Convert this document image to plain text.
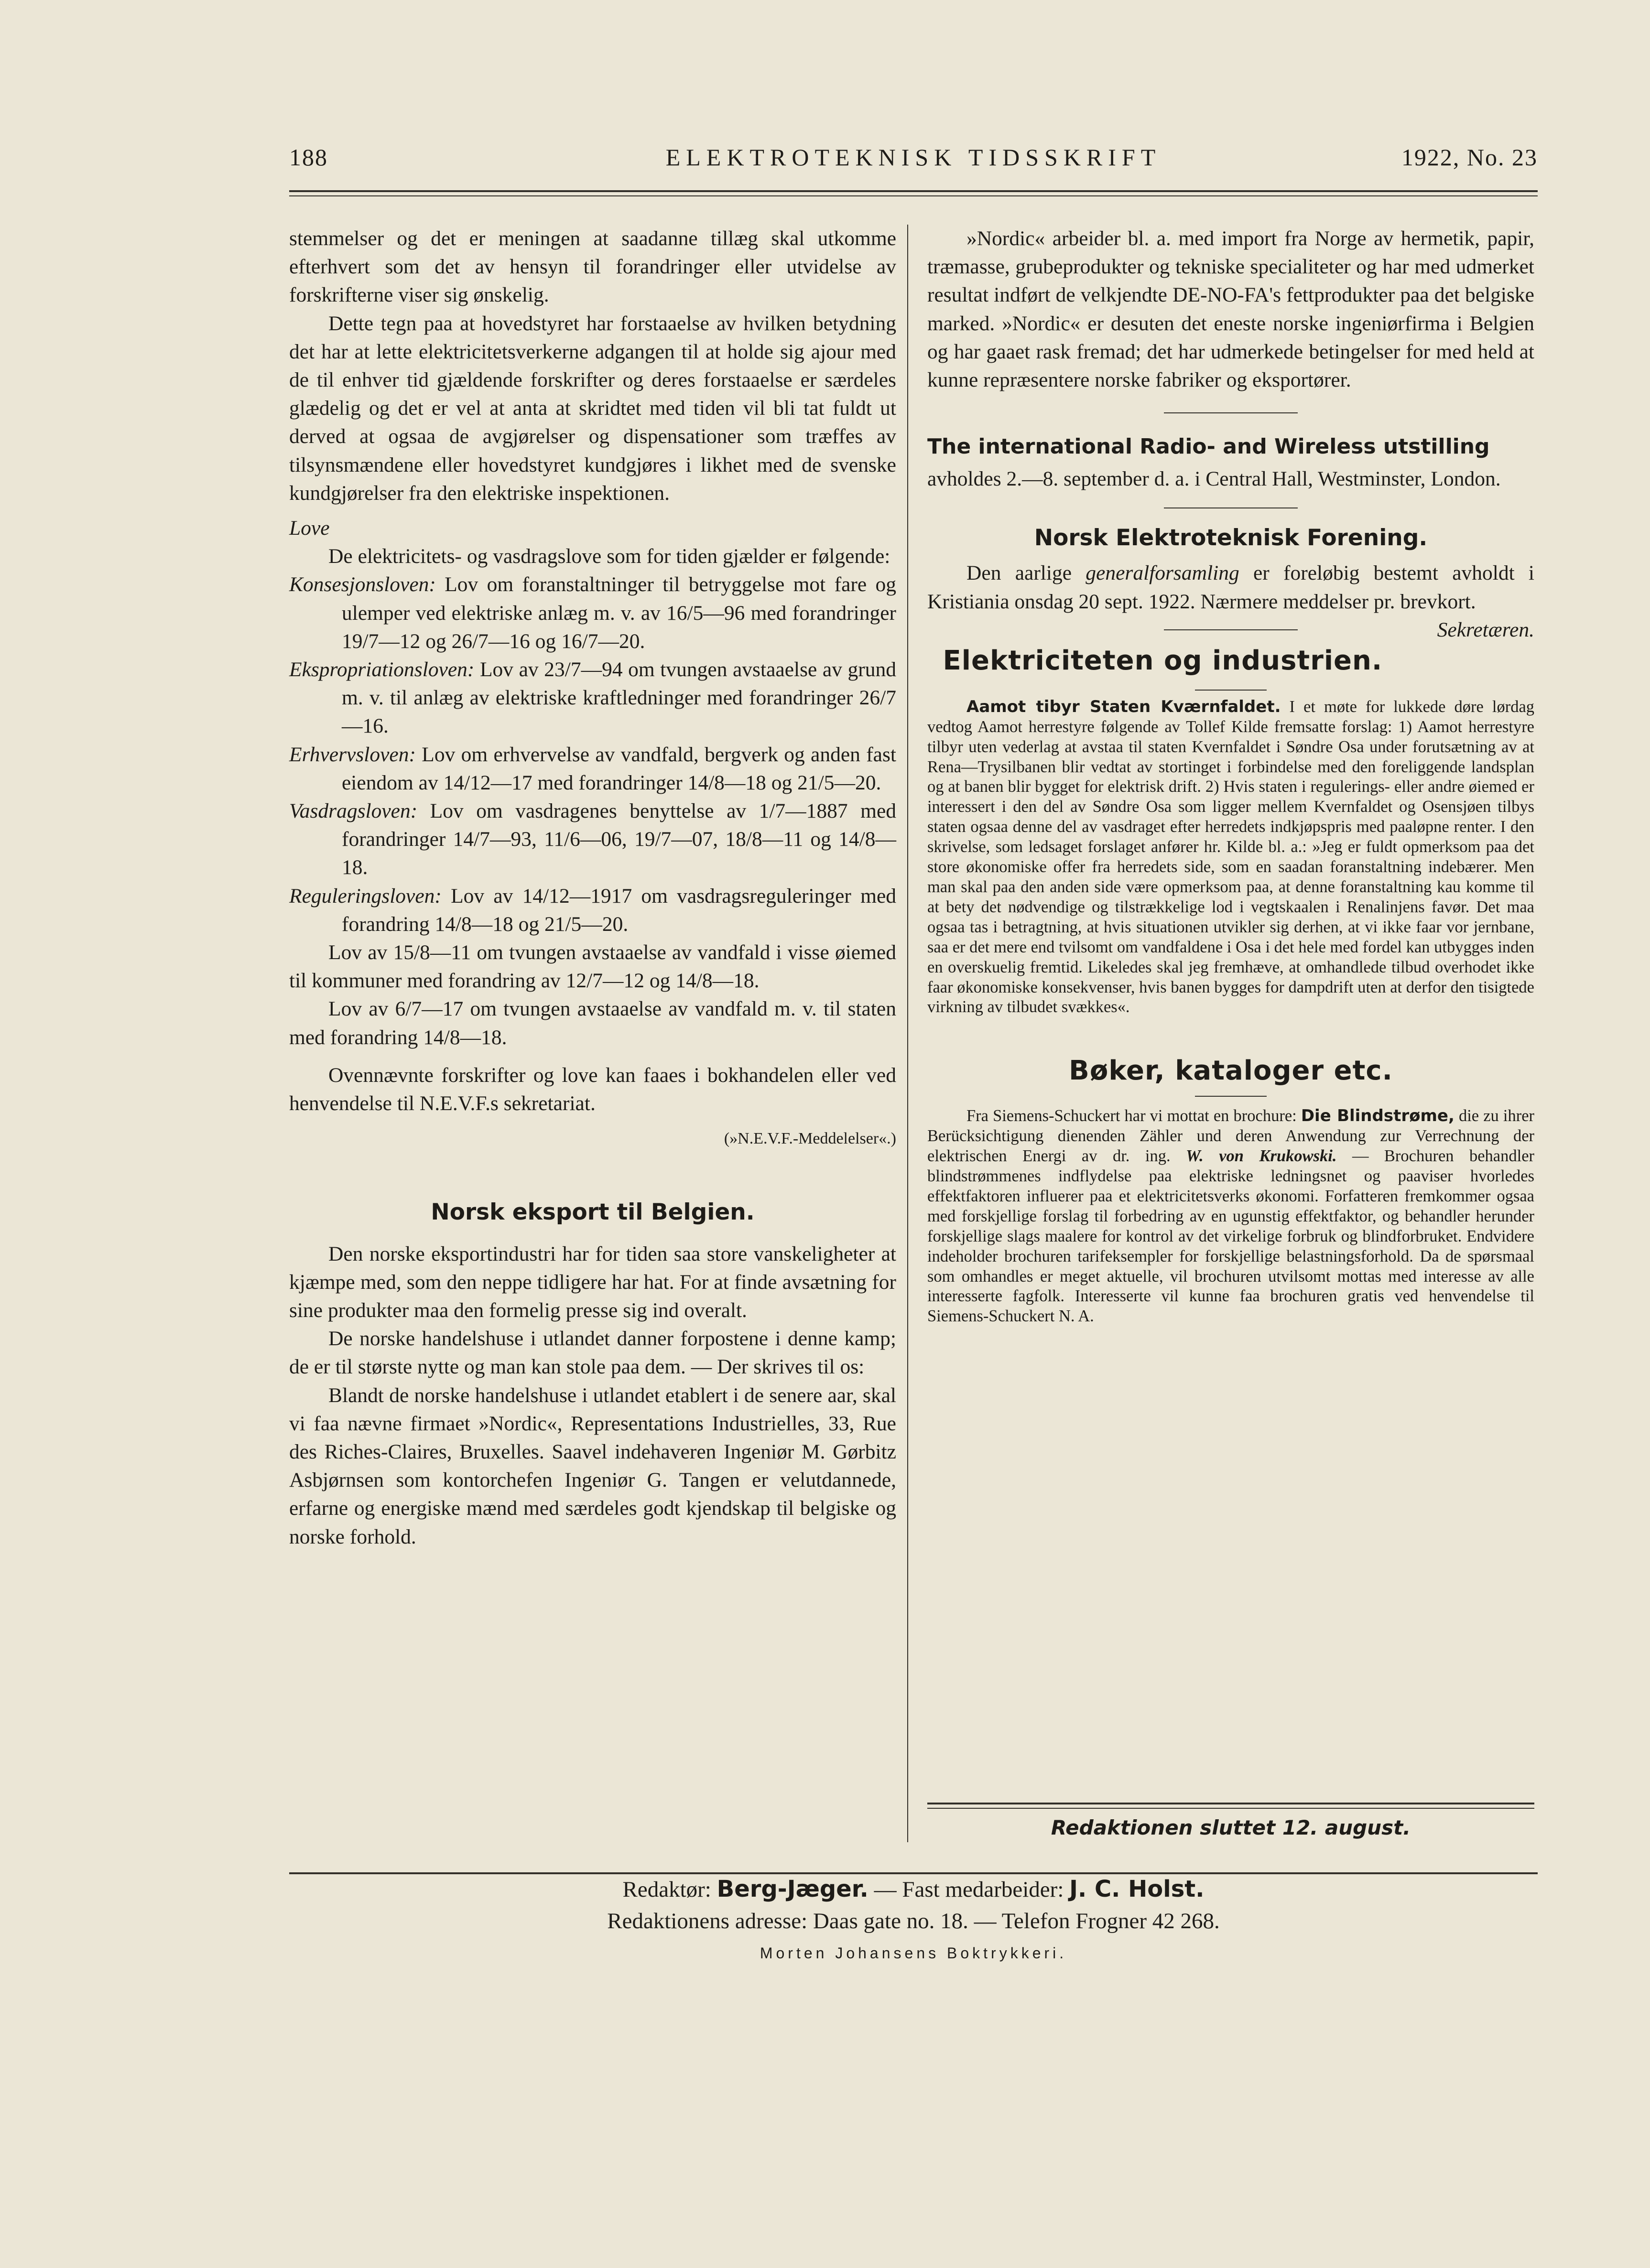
188	ELEKTROTEKNISK TIDSSKRIFT	1922, No. 23

stemmelser og det er meningen at saadanne tillæg skal utkomme efterhvert som det av hensyn til forandringer eller utvidelse av forskrifterne viser sig ønskelig.

Dette tegn paa at hovedstyret har forstaaelse av hvilken betydning det har at lette elektricitetsverkerne adgangen til at holde sig ajour med de til enhver tid gjældende forskrifter og deres forstaaelse er særdeles glædelig og det er vel at anta at skridtet med tiden vil bli tat fuldt ut derved at ogsaa de avgjørelser og dispensationer som træffes av tilsynsmændene eller hovedstyret kundgjøres i likhet med de svenske kundgjørelser fra den elektriske inspektionen.

Love

De elektricitets- og vasdragslove som for tiden gjælder er følgende:

Konsesjonsloven: Lov om foranstaltninger til betryggelse mot fare og ulemper ved elektriske anlæg m. v. av 16/5—96 med forandringer 19/7—12 og 26/7—16 og 16/7—20.

Ekspropriationsloven: Lov av 23/7—94 om tvungen avstaaelse av grund m. v. til anlæg av elektriske kraftledninger med forandringer 26/7—16.

Erhvervsloven: Lov om erhvervelse av vandfald, bergverk og anden fast eiendom av 14/12—17 med forandringer 14/8—18 og 21/5—20.

Vasdragsloven: Lov om vasdragenes benyttelse av 1/7—1887 med forandringer 14/7—93, 11/6—06, 19/7—07, 18/8—11 og 14/8—18.

Reguleringsloven: Lov av 14/12—1917 om vasdragsreguleringer med forandring 14/8—18 og 21/5—20.

Lov av 15/8—11 om tvungen avstaaelse av vandfald i visse øiemed til kommuner med forandring av 12/7—12 og 14/8—18.

Lov av 6/7—17 om tvungen avstaaelse av vandfald m. v. til staten med forandring 14/8—18.

Ovennævnte forskrifter og love kan faaes i bokhandelen eller ved henvendelse til N.E.V.F.s sekretariat.

(»N.E.V.F.-Meddelelser«.)

Norsk eksport til Belgien.

Den norske eksportindustri har for tiden saa store vanskeligheter at kjæmpe med, som den neppe tidligere har hat. For at finde avsætning for sine produkter maa den formelig presse sig ind overalt.

De norske handelshuse i utlandet danner forpostene i denne kamp; de er til største nytte og man kan stole paa dem. — Der skrives til os:

Blandt de norske handelshuse i utlandet etablert i de senere aar, skal vi faa nævne firmaet »Nordic«, Representations Industrielles, 33, Rue des Riches-Claires, Bruxelles. Saavel indehaveren Ingeniør M. Gørbitz Asbjørnsen som kontorchefen Ingeniør G. Tangen er velutdannede, erfarne og energiske mænd med særdeles godt kjendskap til belgiske og norske forhold.

»Nordic« arbeider bl. a. med import fra Norge av hermetik, papir, træmasse, grubeprodukter og tekniske specialiteter og har med udmerket resultat indført de velkjendte DE-NO-FA's fettprodukter paa det belgiske marked. »Nordic« er desuten det eneste norske ingeniørfirma i Belgien og har gaaet rask fremad; det har udmerkede betingelser for med held at kunne repræsentere norske fabriker og eksportører.

The international Radio- and Wireless utstilling

avholdes 2.—8. september d. a. i Central Hall, Westminster, London.

Norsk Elektroteknisk Forening.

Den aarlige generalforsamling er foreløbig bestemt avholdt i Kristiania onsdag 20 sept. 1922. Nærmere meddelser pr. brevkort.
Sekretæren.

Elektriciteten og industrien.

Aamot tibyr Staten Kværnfaldet. I et møte for lukkede døre lørdag vedtog Aamot herrestyre følgende av Tollef Kilde fremsatte forslag: 1) Aamot herrestyre tilbyr uten vederlag at avstaa til staten Kvernfaldet i Søndre Osa under forutsætning av at Rena—Trysilbanen blir vedtat av stortinget i forbindelse med den foreliggende landsplan og at banen blir bygget for elektrisk drift. 2) Hvis staten i regulerings- eller andre øiemed er interessert i den del av Søndre Osa som ligger mellem Kvernfaldet og Osensjøen tilbys staten ogsaa denne del av vasdraget efter herredets indkjøpspris med paaløpne renter. I den skrivelse, som ledsaget forslaget anfører hr. Kilde bl. a.: »Jeg er fuldt opmerksom paa det store økonomiske offer fra herredets side, som en saadan foranstaltning indebærer. Men man skal paa den anden side være opmerksom paa, at denne foranstaltning kau komme til at bety det nødvendige og tilstrækkelige lod i vegtskaalen i Renalinjens favør. Det maa ogsaa tas i betragtning, at hvis situationen utvikler sig derhen, at vi ikke faar vor jernbane, saa er det mere end tvilsomt om vandfaldene i Osa i det hele med fordel kan utbygges inden en overskuelig fremtid. Likeledes skal jeg fremhæve, at omhandlede tilbud overhodet ikke faar økonomiske konsekvenser, hvis banen bygges for dampdrift uten at derfor den tisigtede virkning av tilbudet svækkes«.

Bøker, kataloger etc.

Fra Siemens-Schuckert har vi mottat en brochure: Die Blindstrøme, die zu ihrer Berücksichtigung dienenden Zähler und deren Anwendung zur Verrechnung der elektrischen Energi av dr. ing. W. von Krukowski. — Brochuren behandler blindstrømmenes indflydelse paa elektriske ledningsnet og paaviser hvorledes effektfaktoren influerer paa et elektricitetsverks økonomi. Forfatteren fremkommer ogsaa med forskjellige forslag til forbedring av en ugunstig effektfaktor, og behandler herunder forskjellige slags maalere for kontrol av det virkelige forbruk og blindforbruket. Endvidere indeholder brochuren tarifeksempler for forskjellige belastningsforhold. Da de spørsmaal som omhandles er meget aktuelle, vil brochuren utvilsomt mottas med interesse av alle interesserte fagfolk. Interesserte vil kunne faa brochuren gratis ved henvendelse til Siemens-Schuckert N. A.

Redaktionen sluttet 12. august.
Redaktør: Berg-Jæger. — Fast medarbeider: J. C. Holst.
Redaktionens adresse: Daas gate no. 18. — Telefon Frogner 42 268.
Morten Johansens Boktrykkeri.
